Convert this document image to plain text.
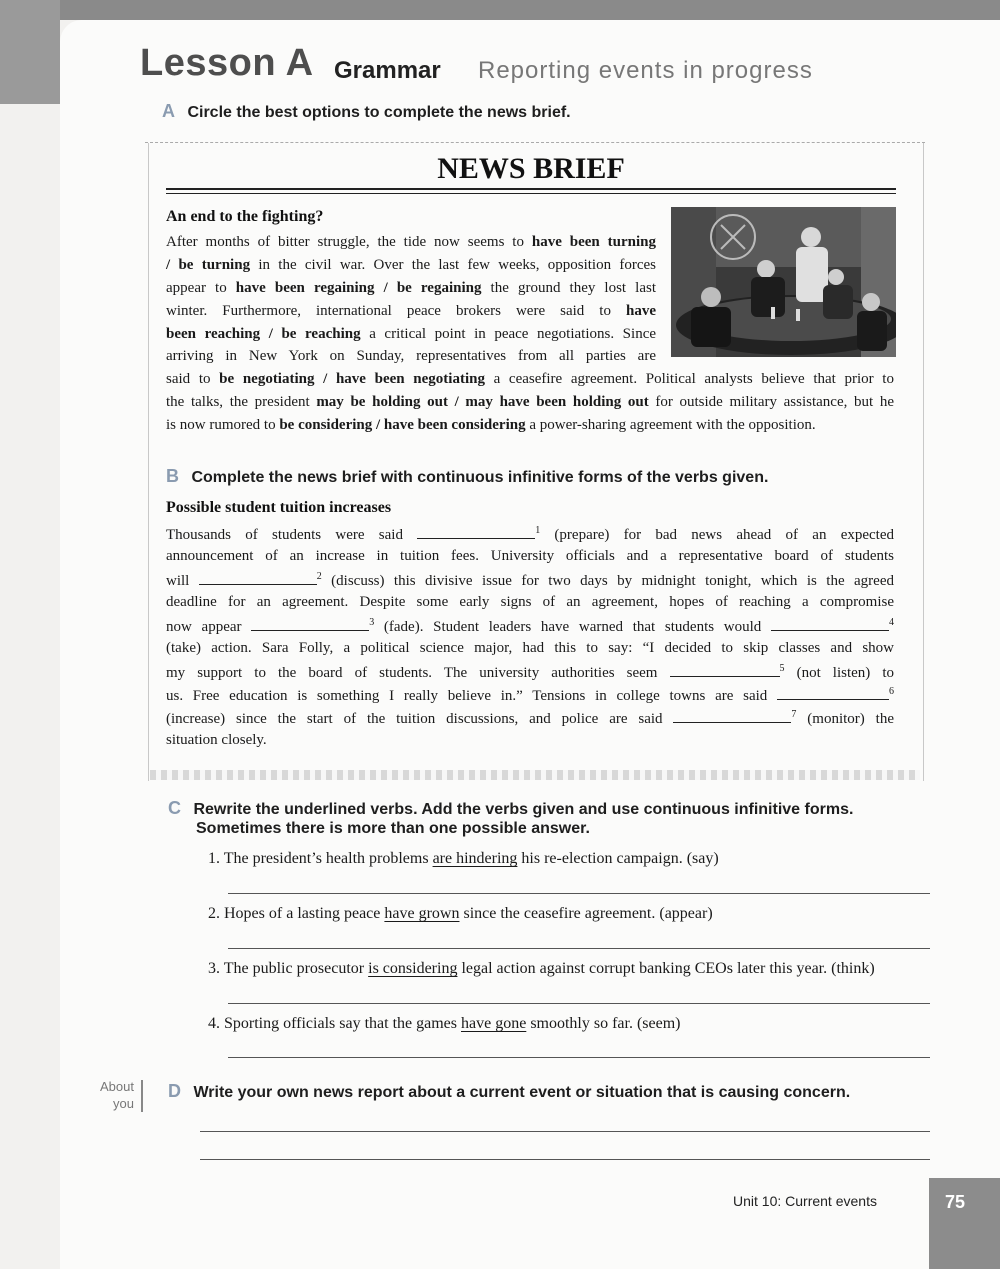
Lesson A Grammar Reporting events in progress
A Circle the best options to complete the news brief.
NEWS BRIEF
An end to the fighting?
After months of bitter struggle, the tide now seems to have been turning
/ be turning in the civil war. Over the last few weeks, opposition forces
appear to have been regaining / be regaining the ground they lost last
winter. Furthermore, international peace brokers were said to have
been reaching / be reaching a critical point in peace negotiations. Since
arriving in New York on Sunday, representatives from all parties are
said to be negotiating / have been negotiating a ceasefire agreement. Political analysts believe that prior to
the talks, the president may be holding out / may have been holding out for outside military assistance, but he
is now rumored to be considering / have been considering a power-sharing agreement with the opposition.
B Complete the news brief with continuous infinitive forms of the verbs given.
Possible student tuition increases
Thousands of students were said	$^1$ (prepare) for bad news ahead of an expected
announcement of an increase in tuition fees. University officials and a representative board of students
will	$^2$ (discuss) this divisive issue for two days by midnight tonight, which is the agreed
deadline for an agreement. Despite some early signs of an agreement, hopes of reaching a compromise
now appear	$^3$ (fade). Student leaders have warned that students would	$^4$
(take) action. Sara Folly, a political science major, had this to say: “I decided to skip classes and show
my support to the board of students. The university authorities seem	$^5$ (not listen) to
us. Free education is something I really believe in.” Tensions in college towns are said	$^6$
(increase) since the start of the tuition discussions, and police are said	$^7$ (monitor) the
situation closely.
C Rewrite the underlined verbs. Add the verbs given and use continuous infinitive forms.
Sometimes there is more than one possible answer.
1. The president’s health problems are hindering his re-election campaign. (say)
2. Hopes of a lasting peace have grown since the ceasefire agreement. (appear)
3. The public prosecutor is considering legal action against corrupt banking CEOs later this year. (think)
4. Sporting officials say that the games have gone smoothly so far. (seem)
About
you
D Write your own news report about a current event or situation that is causing concern.
Unit 10: Current events	75
